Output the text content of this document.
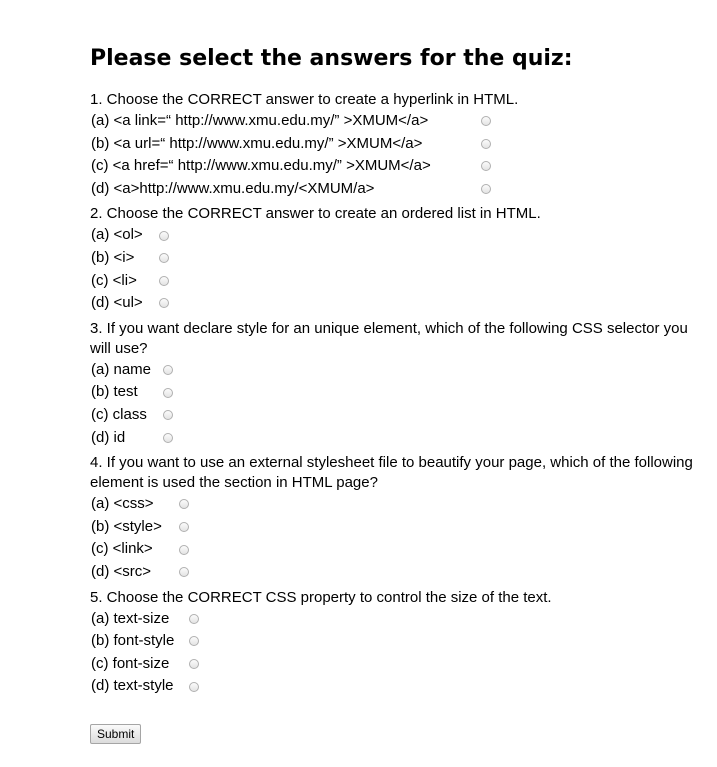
Please select the answers for the quiz:
1. Choose the CORRECT answer to create a hyperlink in HTML.
(a) <a link=“ http://www.xmu.edu.my/” >XMUM</a>
(b) <a url=“ http://www.xmu.edu.my/” >XMUM</a>
(c) <a href=“ http://www.xmu.edu.my/” >XMUM</a>
(d) <a>http://www.xmu.edu.my/<XMUM/a>
2. Choose the CORRECT answer to create an ordered list in HTML.
(a) <ol>
(b) <i>
(c) <li>
(d) <ul>
3. If you want declare style for an unique element, which of the following CSS selector you will use?
(a) name
(b) test
(c) class
(d) id
4. If you want to use an external stylesheet file to beautify your page, which of the following element is used the section in HTML page?
(a) <css>
(b) <style>
(c) <link>
(d) <src>
5. Choose the CORRECT CSS property to control the size of the text.
(a) text-size
(b) font-style
(c) font-size
(d) text-style
Submit
